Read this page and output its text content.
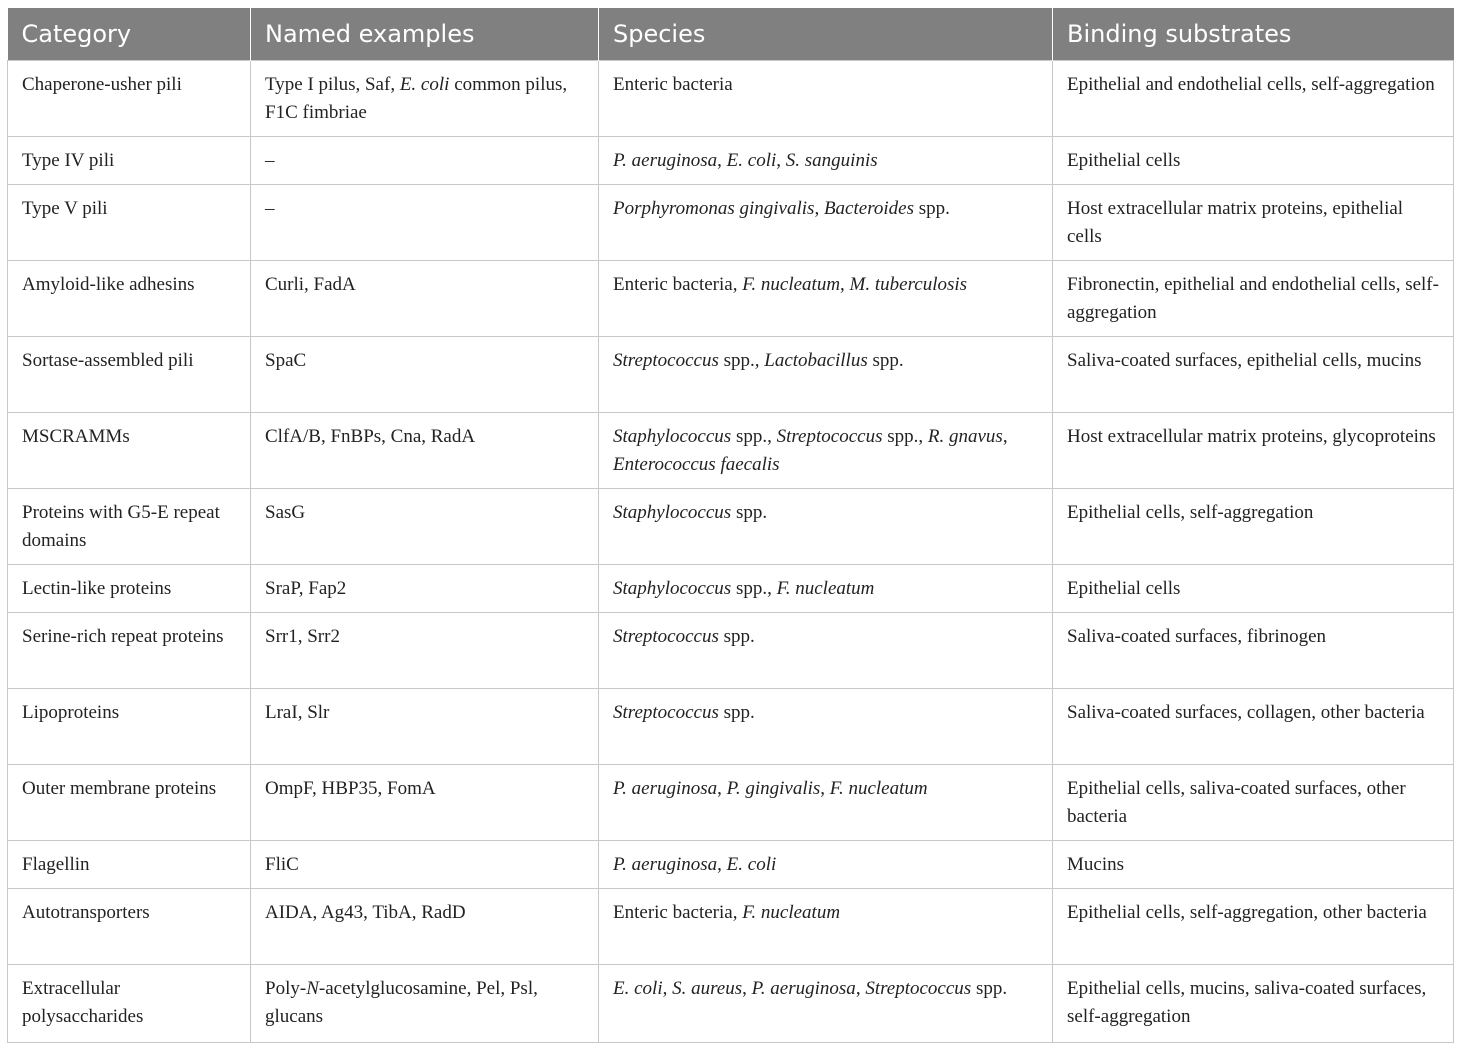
Category	Named examples	Species	Binding substrates
Chaperone-usher pili	Type I pilus, Saf, E. coli common pilus, F1C fimbriae	Enteric bacteria	Epithelial and endothelial cells, self-aggregation
Type IV pili	–	P. aeruginosa, E. coli, S. sanguinis	Epithelial cells
Type V pili	–	Porphyromonas gingivalis, Bacteroides spp.	Host extracellular matrix proteins, epithelial cells
Amyloid-like adhesins	Curli, FadA	Enteric bacteria, F. nucleatum, M. tuberculosis	Fibronectin, epithelial and endothelial cells, self-aggregation
Sortase-assembled pili	SpaC	Streptococcus spp., Lactobacillus spp.	Saliva-coated surfaces, epithelial cells, mucins
MSCRAMMs	ClfA/B, FnBPs, Cna, RadA	Staphylococcus spp., Streptococcus spp., R. gnavus, Enterococcus faecalis	Host extracellular matrix proteins, glycoproteins
Proteins with G5-E repeat domains	SasG	Staphylococcus spp.	Epithelial cells, self-aggregation
Lectin-like proteins	SraP, Fap2	Staphylococcus spp., F. nucleatum	Epithelial cells
Serine-rich repeat proteins	Srr1, Srr2	Streptococcus spp.	Saliva-coated surfaces, fibrinogen
Lipoproteins	LraI, Slr	Streptococcus spp.	Saliva-coated surfaces, collagen, other bacteria
Outer membrane proteins	OmpF, HBP35, FomA	P. aeruginosa, P. gingivalis, F. nucleatum	Epithelial cells, saliva-coated surfaces, other bacteria
Flagellin	FliC	P. aeruginosa, E. coli	Mucins
Autotransporters	AIDA, Ag43, TibA, RadD	Enteric bacteria, F. nucleatum	Epithelial cells, self-aggregation, other bacteria
Extracellular polysaccharides	Poly-N-acetylglucosamine, Pel, Psl, glucans	E. coli, S. aureus, P. aeruginosa, Streptococcus spp.	Epithelial cells, mucins, saliva-coated surfaces, self-aggregation
